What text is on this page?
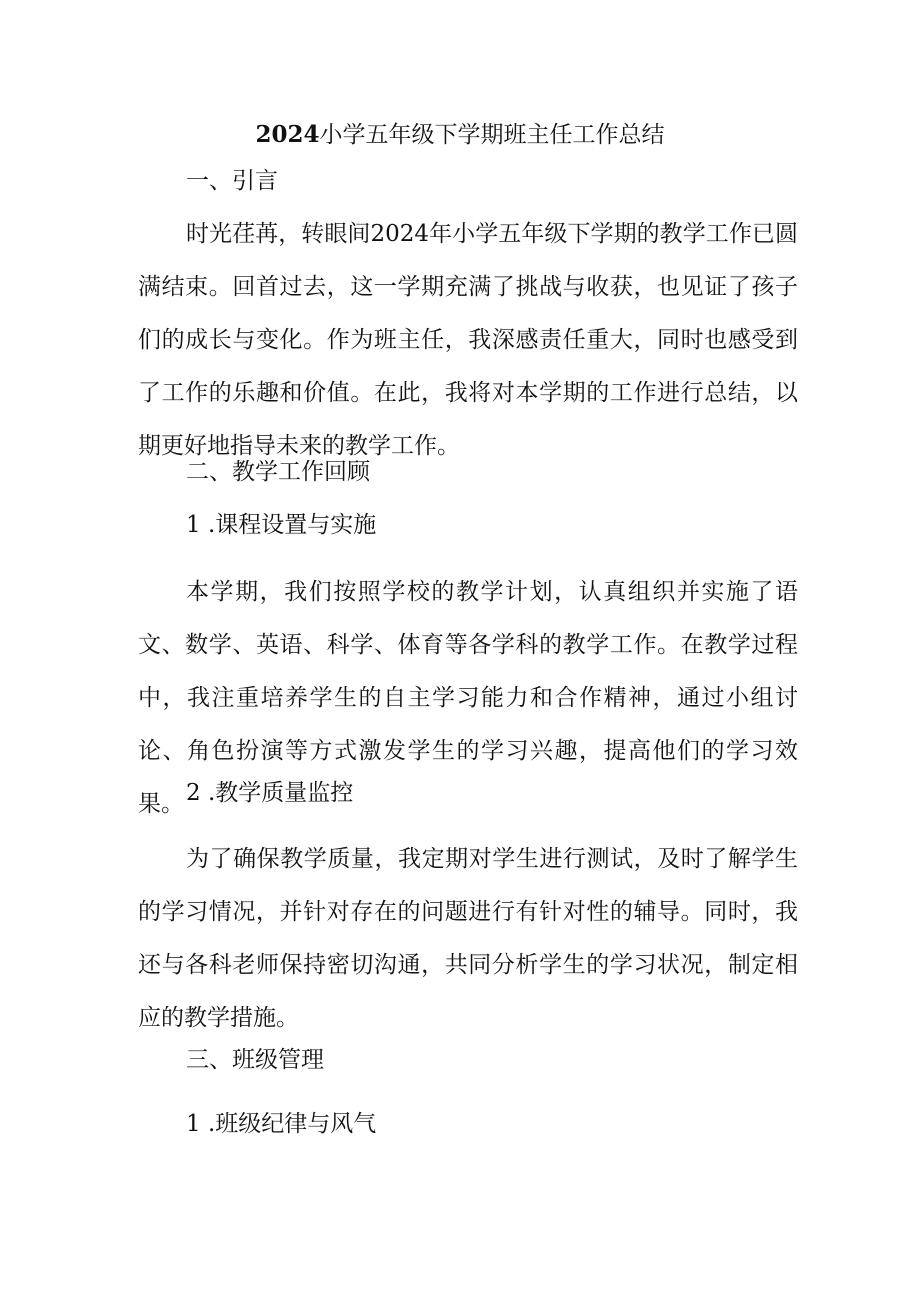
2024小学五年级下学期班主任工作总结

一、引言

时光荏苒，转眼间2024年小学五年级下学期的教学工作已圆满结束。回首过去，这一学期充满了挑战与收获，也见证了孩子们的成长与变化。作为班主任，我深感责任重大，同时也感受到了工作的乐趣和价值。在此，我将对本学期的工作进行总结，以期更好地指导未来的教学工作。

二、教学工作回顾

1 .课程设置与实施

本学期，我们按照学校的教学计划，认真组织并实施了语文、数学、英语、科学、体育等各学科的教学工作。在教学过程中，我注重培养学生的自主学习能力和合作精神，通过小组讨论、角色扮演等方式激发学生的学习兴趣，提高他们的学习效果。 2 .教学质量监控

为了确保教学质量，我定期对学生进行测试，及时了解学生的学习情况，并针对存在的问题进行有针对性的辅导。同时，我还与各科老师保持密切沟通，共同分析学生的学习状况，制定相应的教学措施。

三、班级管理

1 .班级纪律与风气
